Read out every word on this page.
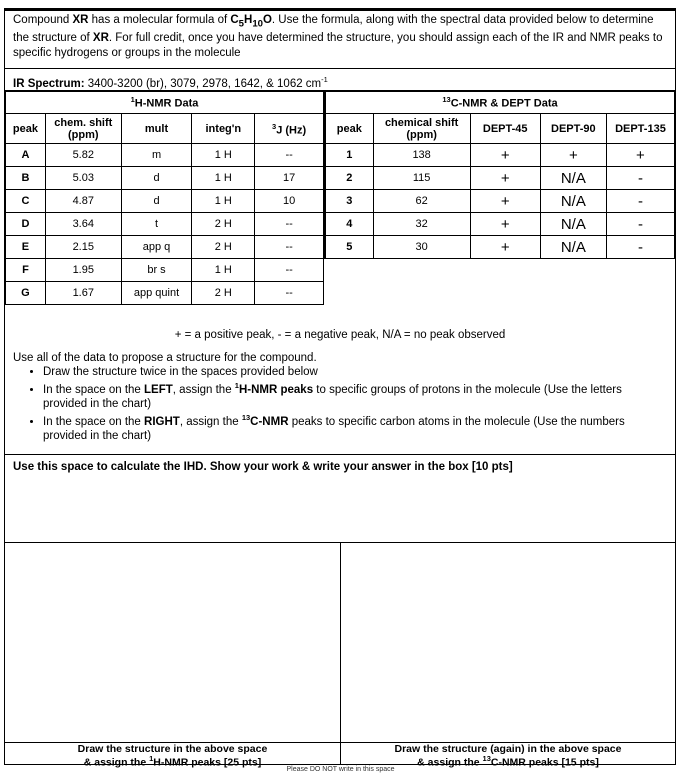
Compound XR has a molecular formula of $C_5H_{10}O$. Use the formula, along with the spectral data provided below to determine the structure of XR. For full credit, once you have determined the structure, you should assign each of the IR and NMR peaks to specific hydrogens or groups in the molecule
IR Spectrum: 3400-3200 (br), 3079, 2978, 1642, & 1062 $cm^{-1}$
$^1$H-NMR Data				
peak	chem. shift (ppm)	mult	integ'n	$^3$J (Hz)
A	5.82	m	1 H	--
B	5.03	d	1 H	17
C	4.87	d	1 H	10
D	3.64	t	2 H	--
E	2.15	app q	2 H	--
F	1.95	br s	1 H	--
G	1.67	app quint	2 H	--
$^{13}$C-NMR & DEPT Data				
peak	chemical shift (ppm)	DEPT-45	DEPT-90	DEPT-135
1	138	+	+	+
2	115	+	N/A	-
3	62	+	N/A	-
4	32	+	N/A	-
5	30	+	N/A	-
+ = a positive peak, - = a negative peak, N/A = no peak observed
Use all of the data to propose a structure for the compound.
• Draw the structure twice in the spaces provided below
• In the space on the LEFT, assign the $^1$H-NMR peaks to specific groups of protons in the molecule (Use the letters provided in the chart)
• In the space on the RIGHT, assign the $^{13}$C-NMR peaks to specific carbon atoms in the molecule (Use the numbers provided in the chart)
Use this space to calculate the IHD. Show your work & write your answer in the box [10 pts]
Draw the structure in the above space
& assign the $^1$H-NMR peaks [25 pts]
Draw the structure (again) in the above space
& assign the $^{13}$C-NMR peaks [15 pts]
Please DO NOT write in this space
